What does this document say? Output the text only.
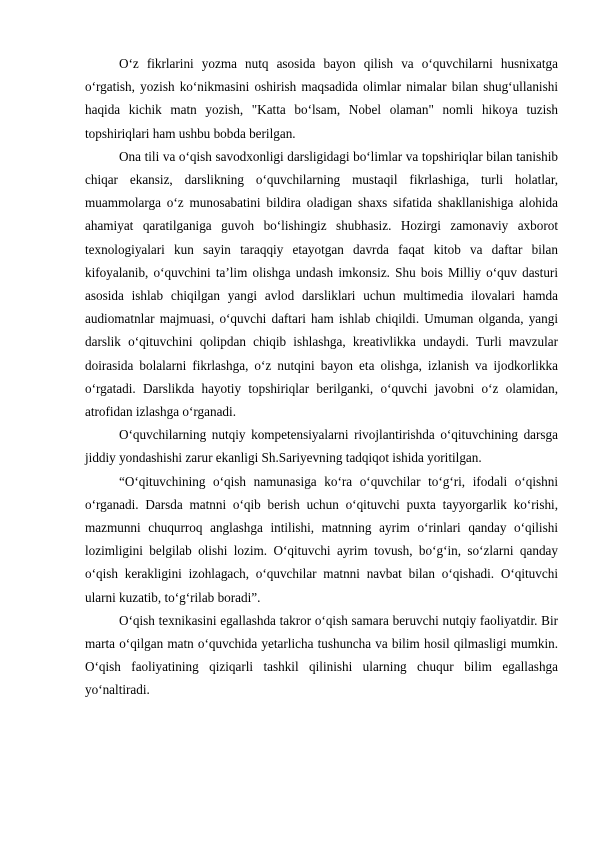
O‘z fikrlarini yozma nutq asosida bayon qilish va o‘quvchilarni husnixatga o‘rgatish, yozish ko‘nikmasini oshirish maqsadida olimlar nimalar bilan shug‘ullanishi haqida kichik matn yozish, "Katta bo‘lsam, Nobel olaman" nomli hikoya tuzish topshiriqlari ham ushbu bobda berilgan.

Ona tili va o‘qish savodxonligi darsligidagi bo‘limlar va topshiriqlar bilan tanishib chiqar ekansiz, darslikning o‘quvchilarning mustaqil fikrlashiga, turli holatlar, muammolarga o‘z munosabatini bildira oladigan shaxs sifatida shakllanishiga alohida ahamiyat qaratilganiga guvoh bo‘lishingiz shubhasiz. Hozirgi zamonaviy axborot texnologiyalari kun sayin taraqqiy etayotgan davrda faqat kitob va daftar bilan kifoyalanib, o‘quvchini ta’lim olishga undash imkonsiz. Shu bois Milliy o‘quv dasturi asosida ishlab chiqilgan yangi avlod darsliklari uchun multimedia ilovalari hamda audiomatnlar majmuasi, o‘quvchi daftari ham ishlab chiqildi. Umuman olganda, yangi darslik o‘qituvchini qolipdan chiqib ishlashga, kreativlikka undaydi. Turli mavzular doirasida bolalarni fikrlashga, o‘z nutqini bayon eta olishga, izlanish va ijodkorlikka o‘rgatadi. Darslikda hayotiy topshiriqlar berilganki, o‘quvchi javobni o‘z olamidan, atrofidan izlashga o‘rganadi.

O‘quvchilarning nutqiy kompetensiyalarni rivojlantirishda o‘qituvchining darsga jiddiy yondashishi zarur ekanligi Sh.Sariyevning tadqiqot ishida yoritilgan.

“O‘qituvchining o‘qish namunasiga ko‘ra o‘quvchilar to‘g‘ri, ifodali o‘qishni o‘rganadi. Darsda matnni o‘qib berish uchun o‘qituvchi puxta tayyorgarlik ko‘rishi, mazmunni chuqurroq anglashga intilishi, matnning ayrim o‘rinlari qanday o‘qilishi lozimligini belgilab olishi lozim. O‘qituvchi ayrim tovush, bo‘g‘in, so‘zlarni qanday o‘qish kerakligini izohlagach, o‘quvchilar matnni navbat bilan o‘qishadi. O‘qituvchi ularni kuzatib, to‘g‘rilab boradi”.

O‘qish texnikasini egallashda takror o‘qish samara beruvchi nutqiy faoliyatdir. Bir marta o‘qilgan matn o‘quvchida yetarlicha tushuncha va bilim hosil qilmasligi mumkin. O‘qish faoliyatining qiziqarli tashkil qilinishi ularning chuqur bilim egallashga yo‘naltiradi.
